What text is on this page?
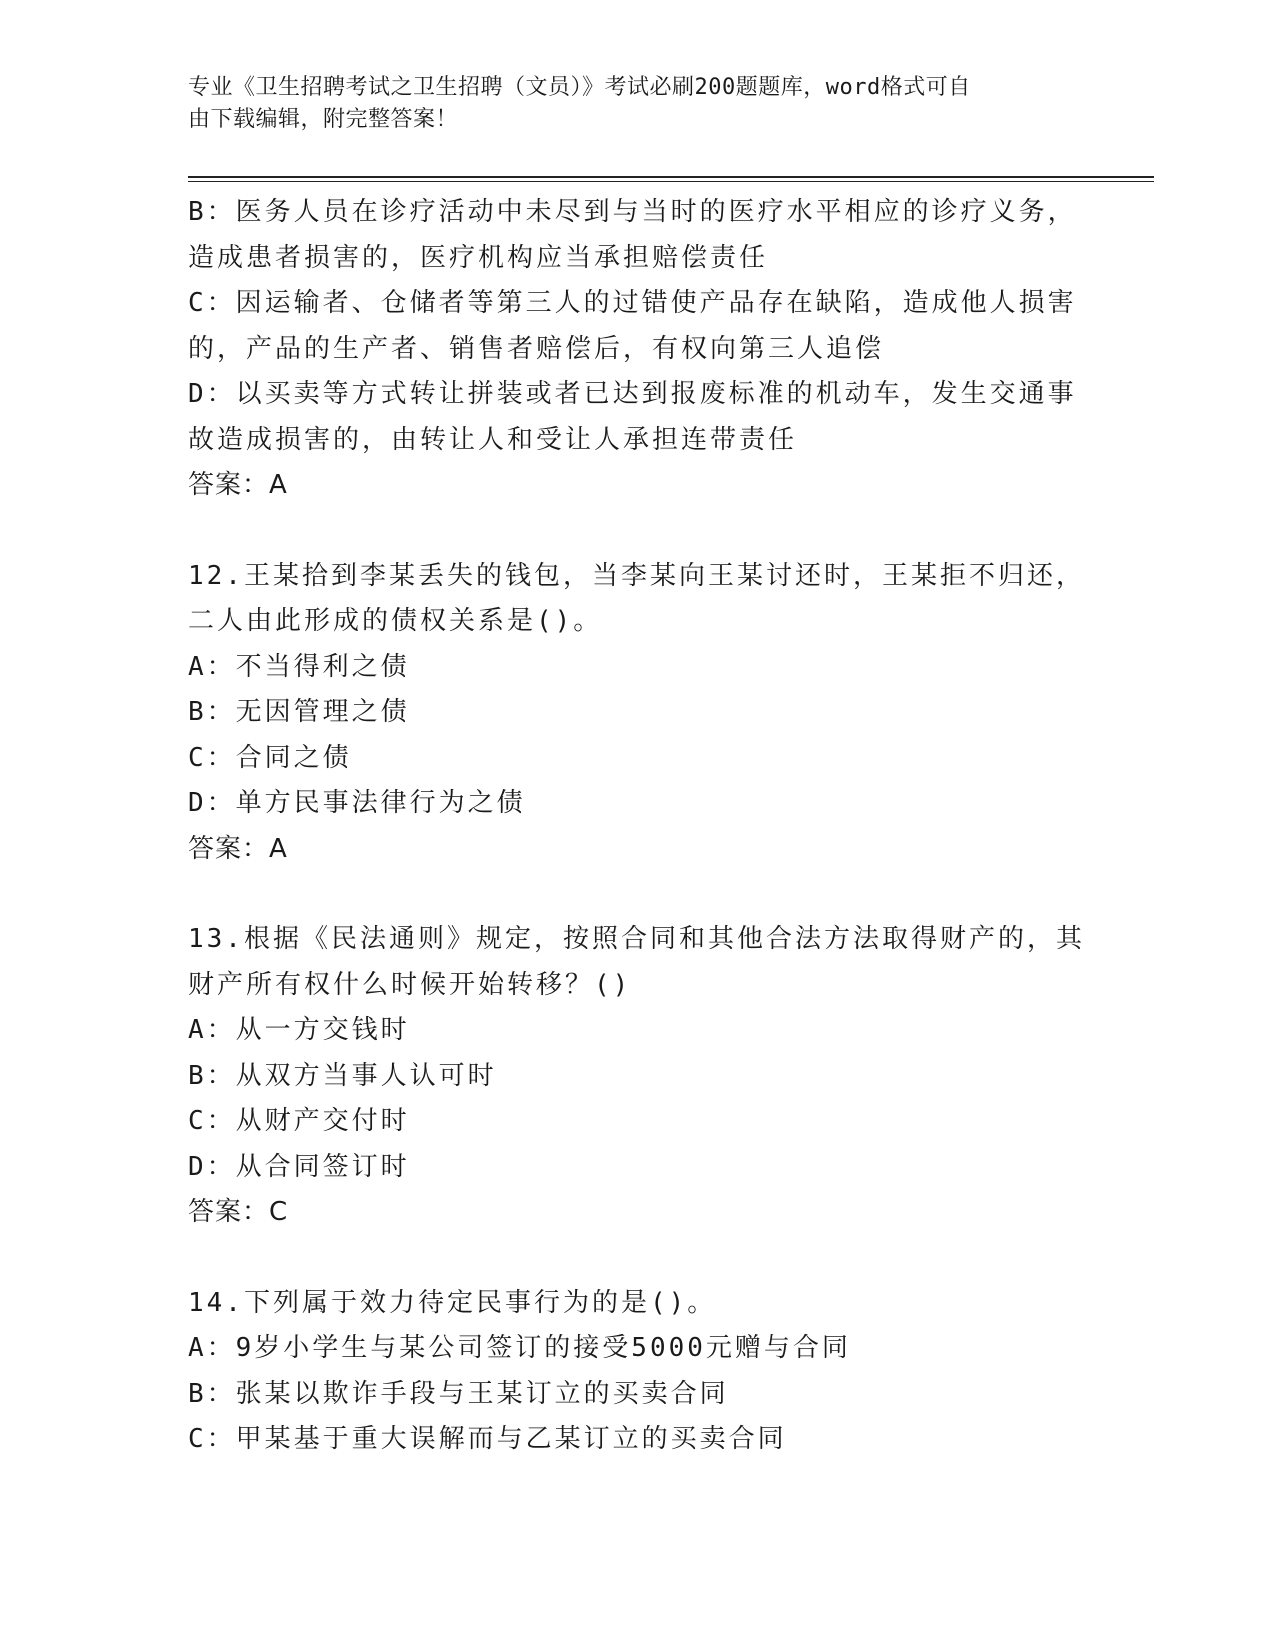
专业《卫生招聘考试之卫生招聘（文员）》考试必刷200题题库，word格式可自
由下载编辑，附完整答案！
B：医务人员在诊疗活动中未尽到与当时的医疗水平相应的诊疗义务，
造成患者损害的，医疗机构应当承担赔偿责任
C：因运输者、仓储者等第三人的过错使产品存在缺陷，造成他人损害
的，产品的生产者、销售者赔偿后，有权向第三人追偿
D：以买卖等方式转让拼装或者已达到报废标准的机动车，发生交通事
故造成损害的，由转让人和受让人承担连带责任
答案：A
12.王某拾到李某丢失的钱包，当李某向王某讨还时，王某拒不归还，
二人由此形成的债权关系是()。
A：不当得利之债
B：无因管理之债
C：合同之债
D：单方民事法律行为之债
答案：A
13.根据《民法通则》规定，按照合同和其他合法方法取得财产的，其
财产所有权什么时候开始转移？()
A：从一方交钱时
B：从双方当事人认可时
C：从财产交付时
D：从合同签订时
答案：C
14.下列属于效力待定民事行为的是()。
A：9岁小学生与某公司签订的接受5000元赠与合同
B：张某以欺诈手段与王某订立的买卖合同
C：甲某基于重大误解而与乙某订立的买卖合同
